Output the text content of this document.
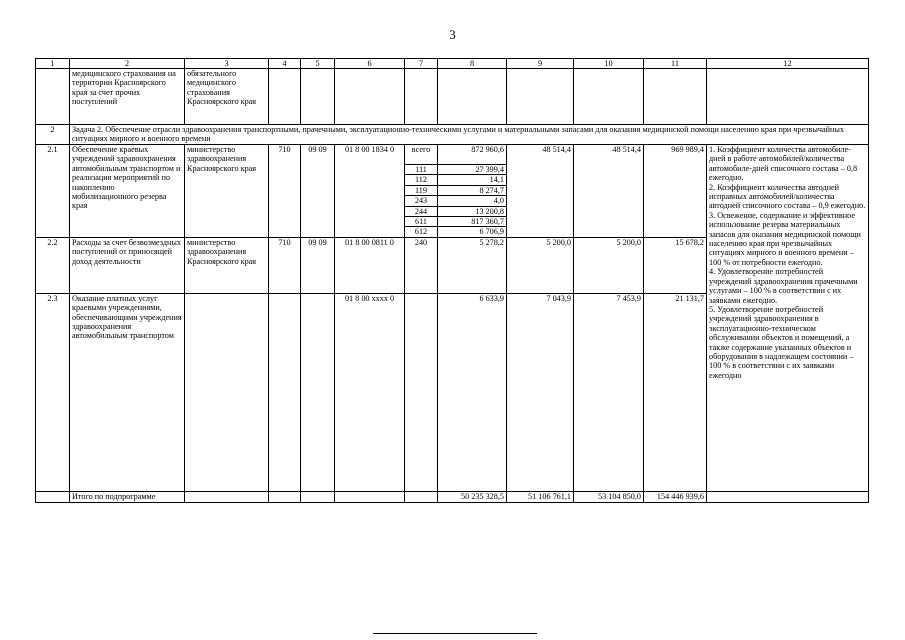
3
1	2	3	4	5	6	7	8	9	10	11	12
	медицинского страхования на территории Красноярского края за счет прочих поступлений	обязательного медицинского страхования Красноярского края									
2	Задача 2. Обеспечение отрасли здравоохранения транспортными, прачечными, эксплуатационно-техническими услугами и материальными запасами для оказания медицинской помощи населению края при чрезвычайных ситуациях мирного и военного времени										
2.1	Обеспечение краевых учреждений здравоохранения автомобильным транспортом и реализация мероприятий по накоплению мобилизационного резерва края	министерство здравоохранения Красноярского края	710	09 09	01 8 00 1834 0	всего	872 960,6	48 514,4	48 514,4	969 989,4	1. Коэффициент количества автомобиле-дней в работе автомобилей/количества автомобиле-дней списочного состава – 0,8 ежегодно.
2. Коэффициент количества автодней исправных автомобилей/количества автодней списочного состава – 0,9 ежегодно.
3. Освежение, содержание и эффективное использование резерва материальных запасов для оказания медицинской помощи населению края при чрезвычайных ситуациях мирного и военного времени – 100 % от потребности ежегодно.
4. Удовлетворение потребностей учреждений здравоохранения прачечными услугами – 100 % в соответствии с их заявками ежегодно.
5. Удовлетворение потребностей учреждений здравоохранения в эксплуатационно-техническом обслуживании объектов и помещений, а также содержание указанных объектов и оборудования в надлежащем состоянии – 100 % в соответствии с их заявками ежегодно

						111	27 399,4				
						112	14,1				
						119	8 274,7				
						243	4,0				
						244	13 200,8				
						611	817 360,7				
						612	6 706,9				
2.2	Расходы за счет безвозмездных поступлений от приносящей доход деятельности	министерство здравоохранения Красноярского края	710	09 09	01 8 00 0811 0	240	5 278,2	5 200,0	5 200,0	15 678,2	
2.3	Оказание платных услуг краевыми учреждениями, обеспечивающими учреждения здравоохранения автомобильным транспортом				01 8 00 xxxx 0		6 633,9	7 043,9	7 453,9	21 131,7	
	Итого по подпрограмме						50 235 328,5	51 106 761,1	53 104 850,0	154 446 939,6	
